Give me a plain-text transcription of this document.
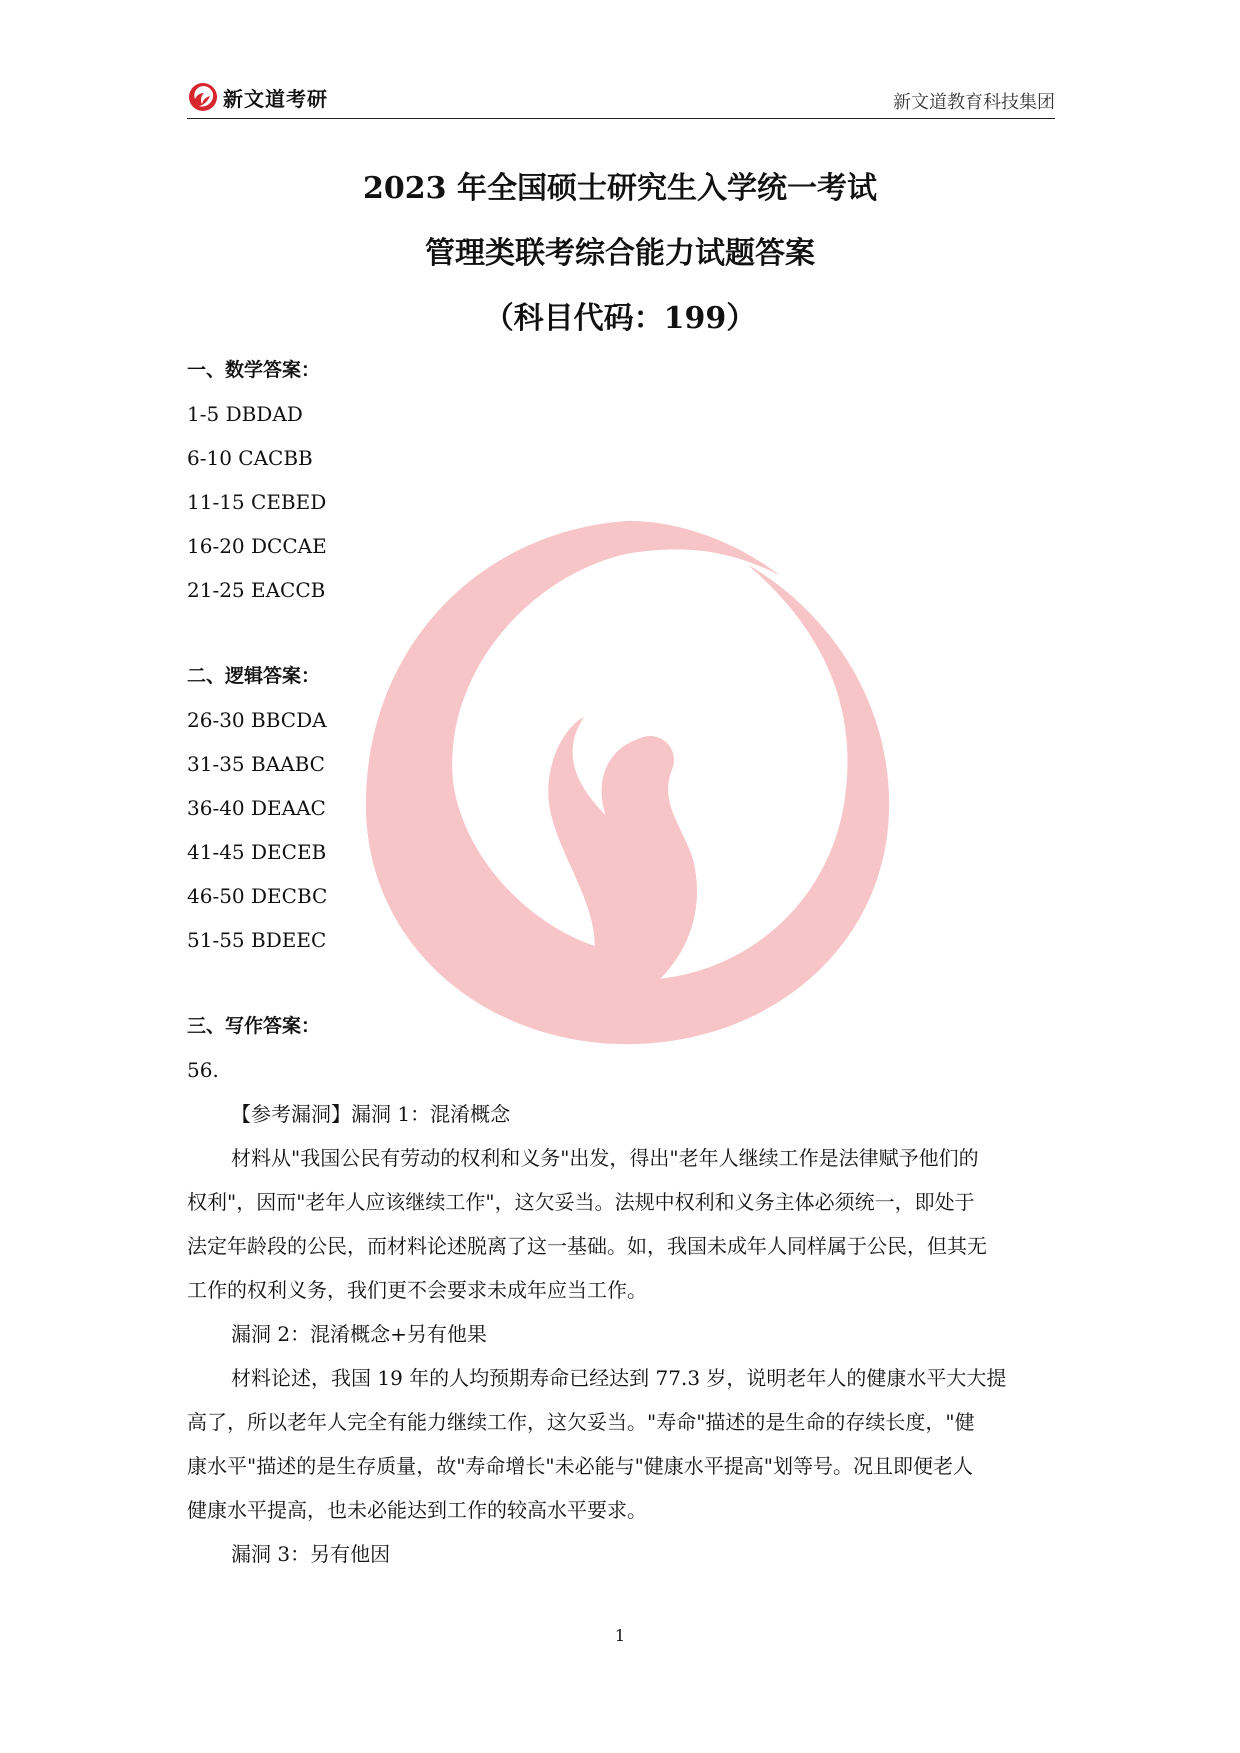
新文道考研	新文道教育科技集团
2023 年全国硕士研究生入学统一考试
管理类联考综合能力试题答案
（科目代码：199）
一、数学答案：
1-5 DBDAD
6-10 CACBB
11-15 CEBED
16-20 DCCAE
21-25 EACCB
二、逻辑答案：
26-30 BBCDA
31-35 BAABC
36-40 DEAAC
41-45 DECEB
46-50 DECBC
51-55 BDEEC
三、写作答案：
56.
【参考漏洞】漏洞 1：混淆概念
材料从"我国公民有劳动的权利和义务"出发，得出"老年人继续工作是法律赋予他们的
权利"，因而"老年人应该继续工作"，这欠妥当。法规中权利和义务主体必须统一，即处于
法定年龄段的公民，而材料论述脱离了这一基础。如，我国未成年人同样属于公民，但其无
工作的权利义务，我们更不会要求未成年应当工作。
漏洞 2：混淆概念+另有他果
材料论述，我国 19 年的人均预期寿命已经达到 77.3 岁，说明老年人的健康水平大大提
高了，所以老年人完全有能力继续工作，这欠妥当。"寿命"描述的是生命的存续长度，"健
康水平"描述的是生存质量，故"寿命增长"未必能与"健康水平提高"划等号。况且即便老人
健康水平提高，也未必能达到工作的较高水平要求。
漏洞 3：另有他因
1
